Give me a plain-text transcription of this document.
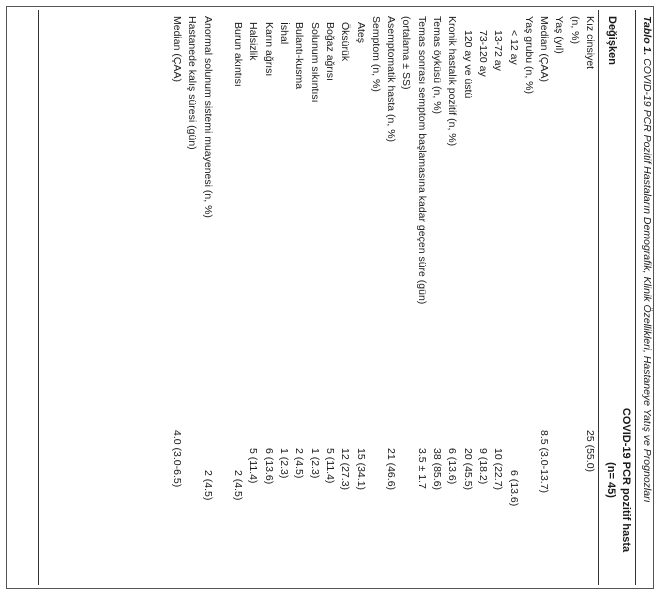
Tablo 1. COVID-19 PCR Pozitif Hastaların Demografik, Klinik Özellikleri, Hastaneye Yatış ve Prognozları
Değişken
COVID-19 PCR pozitif hasta
(n= 45)
Kız cinsiyet
25 (55.0)
(n, %)
Yaş (yıl)
Median (ÇAA)
8.5 (3.0-13.7)
Yaş grubu (n, %)
< 12 ay
6 (13.6)
13-72 ay
10 (22.7)
73-120 ay
9 (18.2)
120 ay ve üstü
20 (45.5)
Kronik hastalık pozitif (n, %)
6 (13.6)
Temas öyküsü (n, %)
38 (85.6)
Temas sonrası semptom başlamasına kadar geçen süre (gün)
3.5 ± 1.7
(ortalama ± SS)
Asemptomatik hasta (n, %)
21 (46.6)
Semptom (n, %)
Ateş
15 (34.1)
Öksürük
12 (27.3)
Boğaz ağrısı
5 (11.4)
Solunum sıkıntısı
1 (2.3)
Bulantı-kusma
2 (4.5)
İshal
1 (2.3)
Karın ağrısı
6 (13.6)
Halsizlik
5 (11.4)
Burun akıntısı
2 (4.5)
Anormal solunum sistemi muayenesi (n, %)
2 (4.5)
Hastanede kalış süresi (gün)
Median (ÇAA)
4.0 (3.0-6.5)
